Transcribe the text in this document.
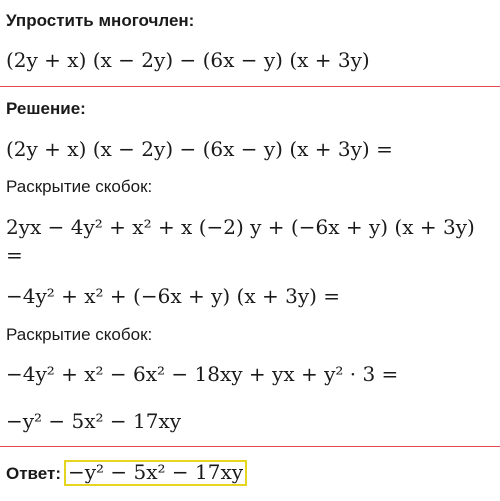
Упростить многочлен:
(2y + x) (x − 2y) − (6x − y) (x + 3y)
Решение:
(2y + x) (x − 2y) − (6x − y) (x + 3y) =
Раскрытие скобок:
2yx − 4y² + x² + x (−2) y + (−6x + y) (x + 3y)
=
−4y² + x² + (−6x + y) (x + 3y) =
Раскрытие скобок:
−4y² + x² − 6x² − 18xy + yx + y² · 3 =
−y² − 5x² − 17xy
Ответ: −y² − 5x² − 17xy
